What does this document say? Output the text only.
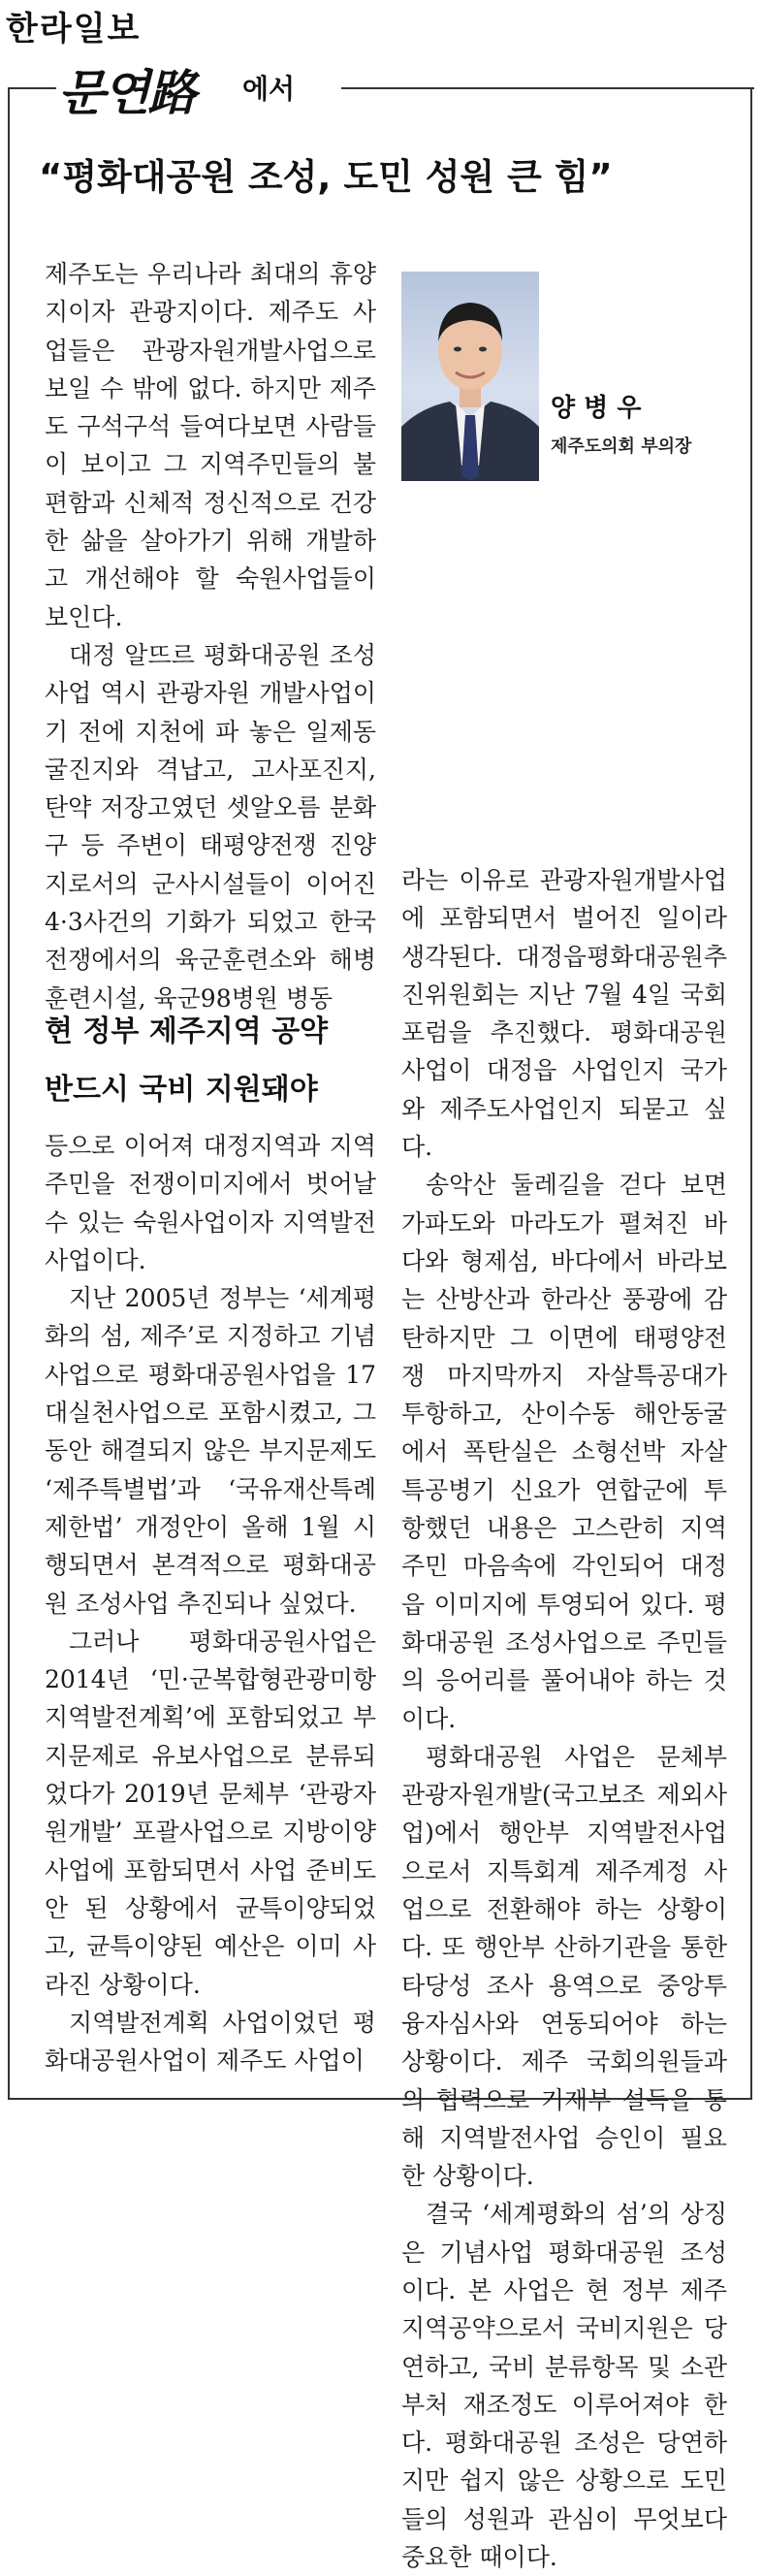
한라일보
문연路 에서
“평화대공원 조성, 도민 성원 큰 힘”

제주도는 우리나라 최대의 휴양 지이자 관광지이다. 제주도 사업들은 관광자원개발사업으로 보일 수 밖에 없다. 하지만 제주도 구석구석 들여다보면 사람들이 보이고 그 지역주민들의 불편함과 신체적 정신적으로 건강한 삶을 살아가기 위해 개발하고 개선해야 할 숙원사업들이 보인다.

대정 알뜨르 평화대공원 조성사업 역시 관광자원 개발사업이기 전에 지천에 파 놓은 일제동굴진지와 격납고, 고사포진지, 탄약 저장고였던 셋알오름 분화구 등 주변이 태평양전쟁 진양지로서의 군사시설들이 이어진 4·3사건의 기화가 되었고 한국전쟁에서의 육군훈련소와 해병훈련시설, 육군98병원 병동

현 정부 제주지역 공약
반드시 국비 지원돼야

등으로 이어져 대정지역과 지역주민을 전쟁이미지에서 벗어날 수 있는 숙원사업이자 지역발전사업이다.

지난 2005년 정부는 ‘세계평화의 섬, 제주’로 지정하고 기념사업으로 평화대공원사업을 17대실천사업으로 포함시켰고, 그동안 해결되지 않은 부지문제도 ‘제주특별법’과 ‘국유재산특례제한법’ 개정안이 올해 1월 시행되면서 본격적으로 평화대공원 조성사업 추진되나 싶었다.

그러나 평화대공원사업은 2014년 ‘민·군복합형관광미항 지역발전계획’에 포함되었고 부지문제로 유보사업으로 분류되었다가 2019년 문체부 ‘관광자원개발’ 포괄사업으로 지방이양사업에 포함되면서 사업 준비도 안 된 상황에서 균특이양되었고, 균특이양된 예산은 이미 사라진 상황이다.

지역발전계획 사업이었던 평화대공원사업이 제주도 사업이

양 병 우
제주도의회 부의장

라는 이유로 관광자원개발사업에 포함되면서 벌어진 일이라 생각된다. 대정읍평화대공원추진위원회는 지난 7월 4일 국회포럼을 추진했다. 평화대공원사업이 대정읍 사업인지 국가와 제주도사업인지 되묻고 싶다.

송악산 둘레길을 걷다 보면 가파도와 마라도가 펼쳐진 바다와 형제섬, 바다에서 바라보는 산방산과 한라산 풍광에 감탄하지만 그 이면에 태평양전쟁 마지막까지 자살특공대가 투항하고, 산이수동 해안동굴에서 폭탄실은 소형선박 자살특공병기 신요가 연합군에 투항했던 내용은 고스란히 지역주민 마음속에 각인되어 대정읍 이미지에 투영되어 있다. 평화대공원 조성사업으로 주민들의 응어리를 풀어내야 하는 것이다.

평화대공원 사업은 문체부 관광자원개발(국고보조 제외사업)에서 행안부 지역발전사업으로서 지특회계 제주계정 사업으로 전환해야 하는 상황이다. 또 행안부 산하기관을 통한 타당성 조사 용역으로 중앙투융자심사와 연동되어야 하는 상황이다. 제주 국회의원들과의 협력으로 기재부 설득을 통해 지역발전사업 승인이 필요한 상황이다.

결국 ‘세계평화의 섬’의 상징은 기념사업 평화대공원 조성이다. 본 사업은 현 정부 제주지역공약으로서 국비지원은 당연하고, 국비 분류항목 및 소관부처 재조정도 이루어져야 한다. 평화대공원 조성은 당연하지만 쉽지 않은 상황으로 도민들의 성원과 관심이 무엇보다 중요한 때이다.
